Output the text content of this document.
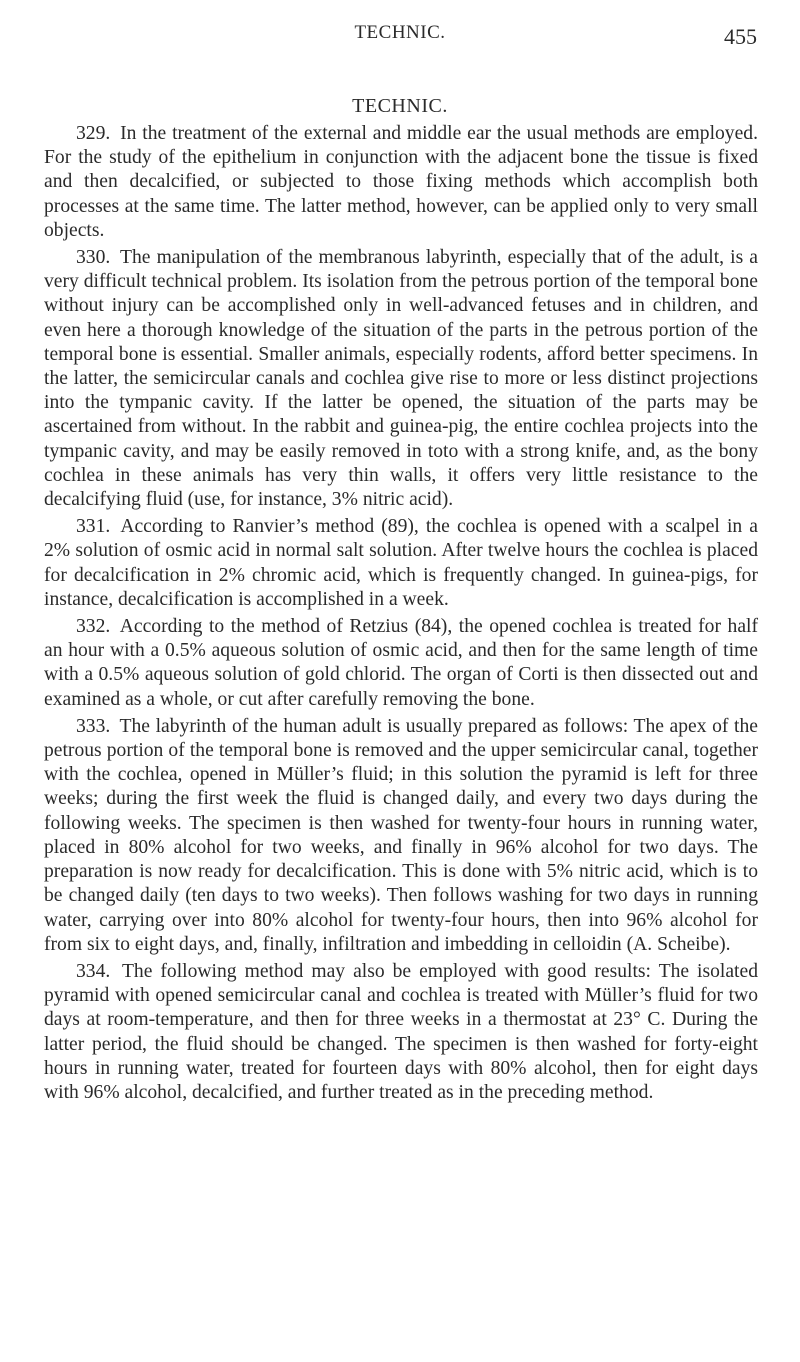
TECHNIC.	455
TECHNIC.

329. In the treatment of the external and middle ear the usual methods are employed. For the study of the epithelium in conjunction with the adjacent bone the tissue is fixed and then decalcified, or subjected to those fixing methods which accomplish both processes at the same time. The latter method, however, can be applied only to very small objects.

330. The manipulation of the membranous labyrinth, especially that of the adult, is a very difficult technical problem. Its isolation from the petrous portion of the temporal bone without injury can be accomplished only in well-advanced fetuses and in children, and even here a thorough knowledge of the situation of the parts in the petrous portion of the temporal bone is essential. Smaller animals, especially rodents, afford better specimens. In the latter, the semicircular canals and cochlea give rise to more or less distinct projections into the tympanic cavity. If the latter be opened, the situation of the parts may be ascertained from without. In the rabbit and guinea-pig, the entire cochlea projects into the tympanic cavity, and may be easily removed in toto with a strong knife, and, as the bony cochlea in these animals has very thin walls, it offers very little resistance to the decalcifying fluid (use, for instance, 3% nitric acid).

331. According to Ranvier’s method (89), the cochlea is opened with a scalpel in a 2% solution of osmic acid in normal salt solution. After twelve hours the cochlea is placed for decalcification in 2% chromic acid, which is frequently changed. In guinea-pigs, for instance, decalcification is accomplished in a week.

332. According to the method of Retzius (84), the opened cochlea is treated for half an hour with a 0.5% aqueous solution of osmic acid, and then for the same length of time with a 0.5% aqueous solution of gold chlorid. The organ of Corti is then dissected out and examined as a whole, or cut after carefully removing the bone.

333. The labyrinth of the human adult is usually prepared as follows: The apex of the petrous portion of the temporal bone is removed and the upper semicircular canal, together with the cochlea, opened in Müller’s fluid; in this solution the pyramid is left for three weeks; during the first week the fluid is changed daily, and every two days during the following weeks. The specimen is then washed for twenty-four hours in running water, placed in 80% alcohol for two weeks, and finally in 96% alcohol for two days. The preparation is now ready for decalcification. This is done with 5% nitric acid, which is to be changed daily (ten days to two weeks). Then follows washing for two days in running water, carrying over into 80% alcohol for twenty-four hours, then into 96% alcohol for from six to eight days, and, finally, infiltration and imbedding in celloidin (A. Scheibe).

334. The following method may also be employed with good results: The isolated pyramid with opened semicircular canal and cochlea is treated with Müller’s fluid for two days at room-temperature, and then for three weeks in a thermostat at 23° C. During the latter period, the fluid should be changed. The specimen is then washed for forty-eight hours in running water, treated for fourteen days with 80% alcohol, then for eight days with 96% alcohol, decalcified, and further treated as in the preceding method.
